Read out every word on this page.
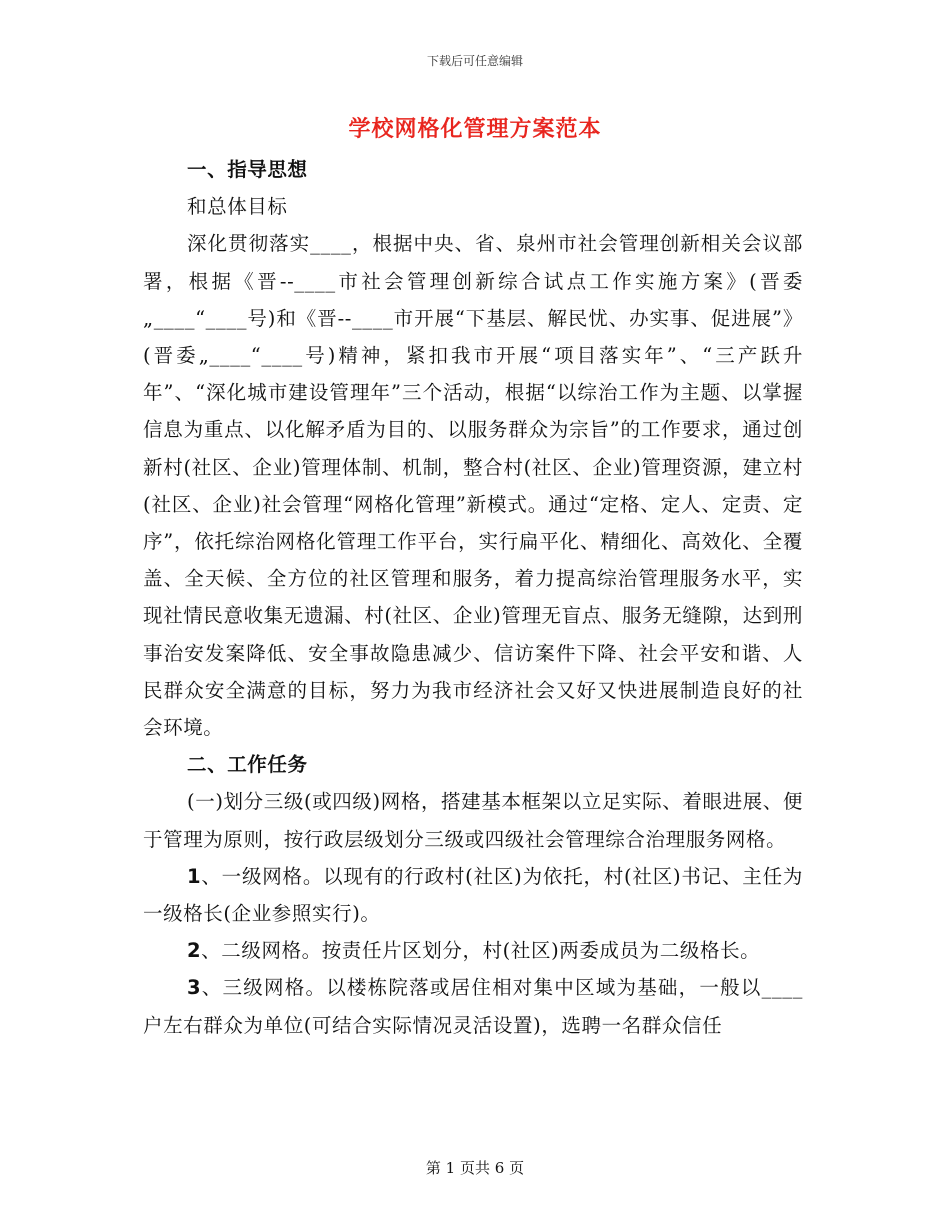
下载后可任意编辑
学校网格化管理方案范本

一、指导思想

和总体目标

深化贯彻落实____，根据中央、省、泉州市社会管理创新相关会议部署，根据《晋--____市社会管理创新综合试点工作实施方案》(晋委„____“____号)和《晋--____市开展“下基层、解民忧、办实事、促进展”》(晋委„____“____号)精神，紧扣我市开展“项目落实年”、“三产跃升年”、“深化城市建设管理年”三个活动，根据“以综治工作为主题、以掌握信息为重点、以化解矛盾为目的、以服务群众为宗旨”的工作要求，通过创新村(社区、企业)管理体制、机制，整合村(社区、企业)管理资源，建立村(社区、企业)社会管理“网格化管理”新模式。通过“定格、定人、定责、定序”，依托综治网格化管理工作平台，实行扁平化、精细化、高效化、全覆盖、全天候、全方位的社区管理和服务，着力提高综治管理服务水平，实现社情民意收集无遗漏、村(社区、企业)管理无盲点、服务无缝隙，达到刑事治安发案降低、安全事故隐患减少、信访案件下降、社会平安和谐、人民群众安全满意的目标，努力为我市经济社会又好又快进展制造良好的社会环境。

二、工作任务

(一)划分三级(或四级)网格，搭建基本框架以立足实际、着眼进展、便于管理为原则，按行政层级划分三级或四级社会管理综合治理服务网格。

1、一级网格。以现有的行政村(社区)为依托，村(社区)书记、主任为一级格长(企业参照实行)。

2、二级网格。按责任片区划分，村(社区)两委成员为二级格长。

3、三级网格。以楼栋院落或居住相对集中区域为基础，一般以____户左右群众为单位(可结合实际情况灵活设置)，选聘一名群众信任

第 1 页共 6 页
